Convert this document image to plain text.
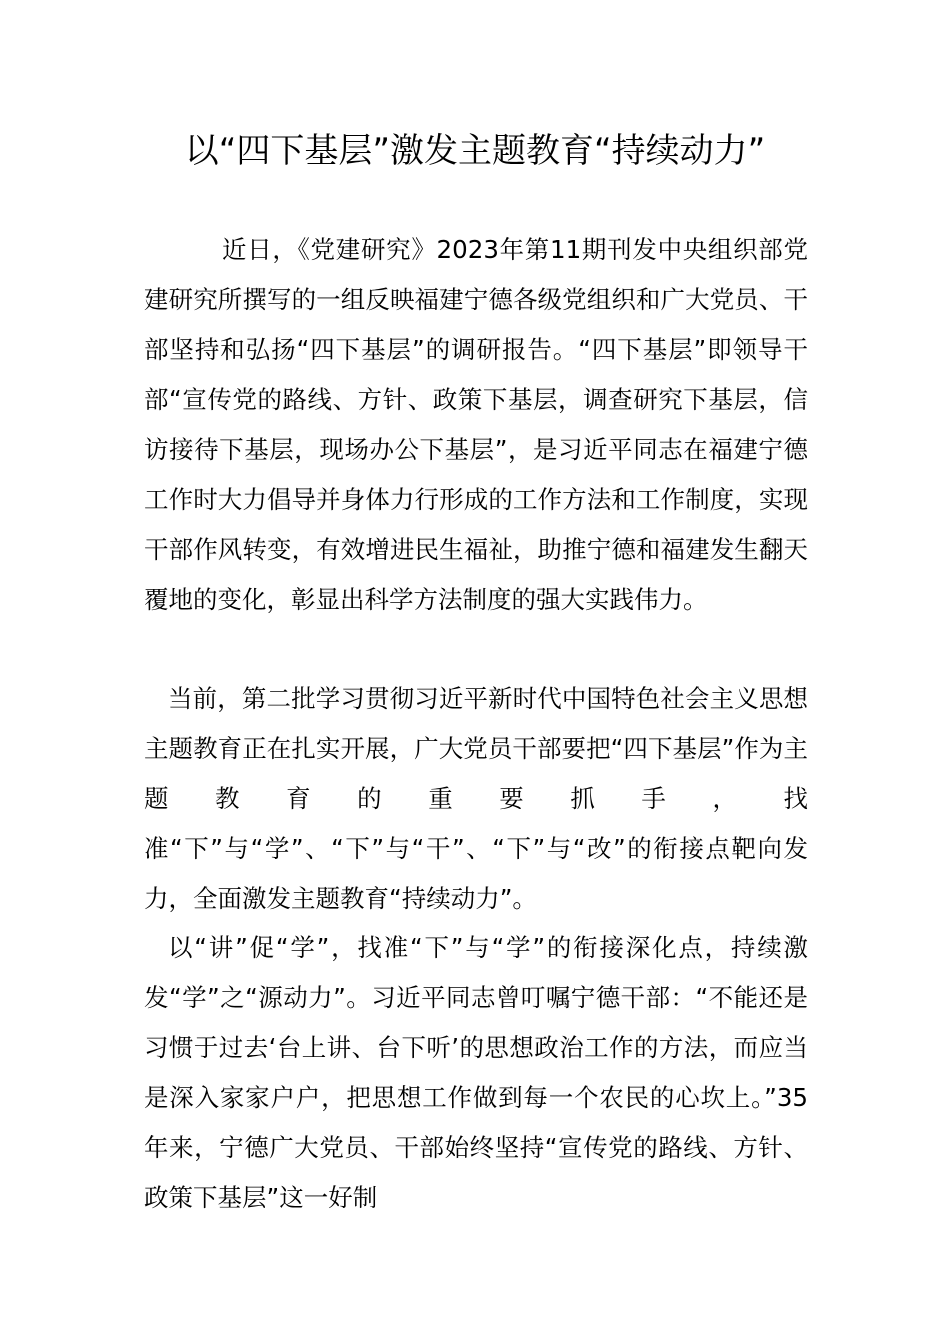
以“四下基层”激发主题教育“持续动力”

近日，《党建研究》2023年第11期刊发中央组织部党建研究所撰写的一组反映福建宁德各级党组织和广大党员、干部坚持和弘扬“四下基层”的调研报告。“四下基层”即领导干部“宣传党的路线、方针、政策下基层，调查研究下基层，信访接待下基层，现场办公下基层”，是习近平同志在福建宁德工作时大力倡导并身体力行形成的工作方法和工作制度，实现干部作风转变，有效增进民生福祉，助推宁德和福建发生翻天覆地的变化，彰显出科学方法制度的强大实践伟力。

当前，第二批学习贯彻习近平新时代中国特色社会主义思想主题教育正在扎实开展，广大党员干部要把“四下基层”作为主题教育的重要抓手，找准“下”与“学”、“下”与“干”、“下”与“改”的衔接点靶向发力，全面激发主题教育“持续动力”。

以“讲”促“学”，找准“下”与“学”的衔接深化点，持续激发“学”之“源动力”。习近平同志曾叮嘱宁德干部：“不能还是习惯于过去‘台上讲、台下听’的思想政治工作的方法，而应当是深入家家户户，把思想工作做到每一个农民的心坎上。”35年来，宁德广大党员、干部始终坚持“宣传党的路线、方针、政策下基层”这一好制
